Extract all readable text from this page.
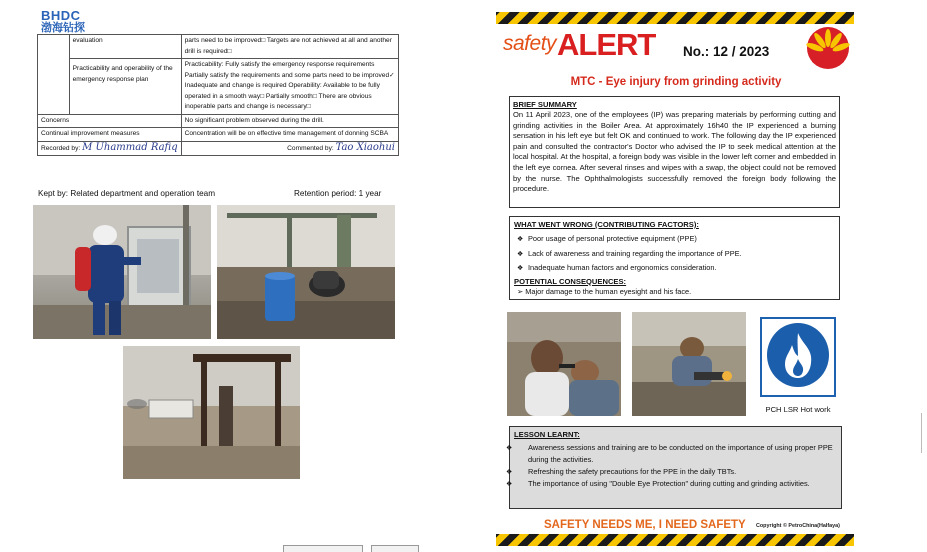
BHDC
渤海钻探
	evaluation	parts need to be improved□ Targets are not achieved at all and another drill is required□
	Practicability and operability of the emergency response plan	Practicability: Fully satisfy the emergency response requirements Partially satisfy the requirements and some parts need to be improved✓ Inadequate and change is required Operability: Available to be fully operated in a smooth way□ Partially smooth□ There are obvious inoperable parts and change is necessary□
Concerns		No significant problem observed during the drill.
Continual improvement measures		Concentration will be on effective time management of donning SCBA
Recorded by: M Uhammad Rafiq		Commented by: Tao Xiaohui
Kept by: Related department and operation team	Retention period: 1 year
safety ALERT No.: 12 / 2023
MTC - Eye injury from grinding activity
BRIEF SUMMARY

On 11 April 2023, one of the employees (IP) was preparing materials by performing cutting and grinding activities in the Boiler Area. At approximately 16h40 the IP experienced a burning sensation in his left eye but felt OK and continued to work. The following day the IP experienced pain and consulted the contractor's Doctor who advised the IP to seek medical attention at the local hospital. At the hospital, a foreign body was visible in the lower left corner and embedded in the left eye cornea. After several rinses and wipes with a swap, the object could not be removed by the nurse. The Ophthalmologists successfully removed the foreign body following the procedure.

WHAT WENT WRONG (CONTRIBUTING FACTORS):
❖ Poor usage of personal protective equipment (PPE)
❖ Lack of awareness and training regarding the importance of PPE.
❖ Inadequate human factors and ergonomics consideration.
POTENTIAL CONSEQUENCES:
➢ Major damage to the human eyesight and his face.
PCH LSR Hot work
LESSON LEARNT:
❖ Awareness sessions and training are to be conducted on the importance of using proper PPE during the activities.
❖ Refreshing the safety precautions for the PPE in the daily TBTs.
❖ The importance of using "Double Eye Protection" during cutting and grinding activities.
SAFETY NEEDS ME, I NEED SAFETY Copyright © PetroChina(Halfaya)
